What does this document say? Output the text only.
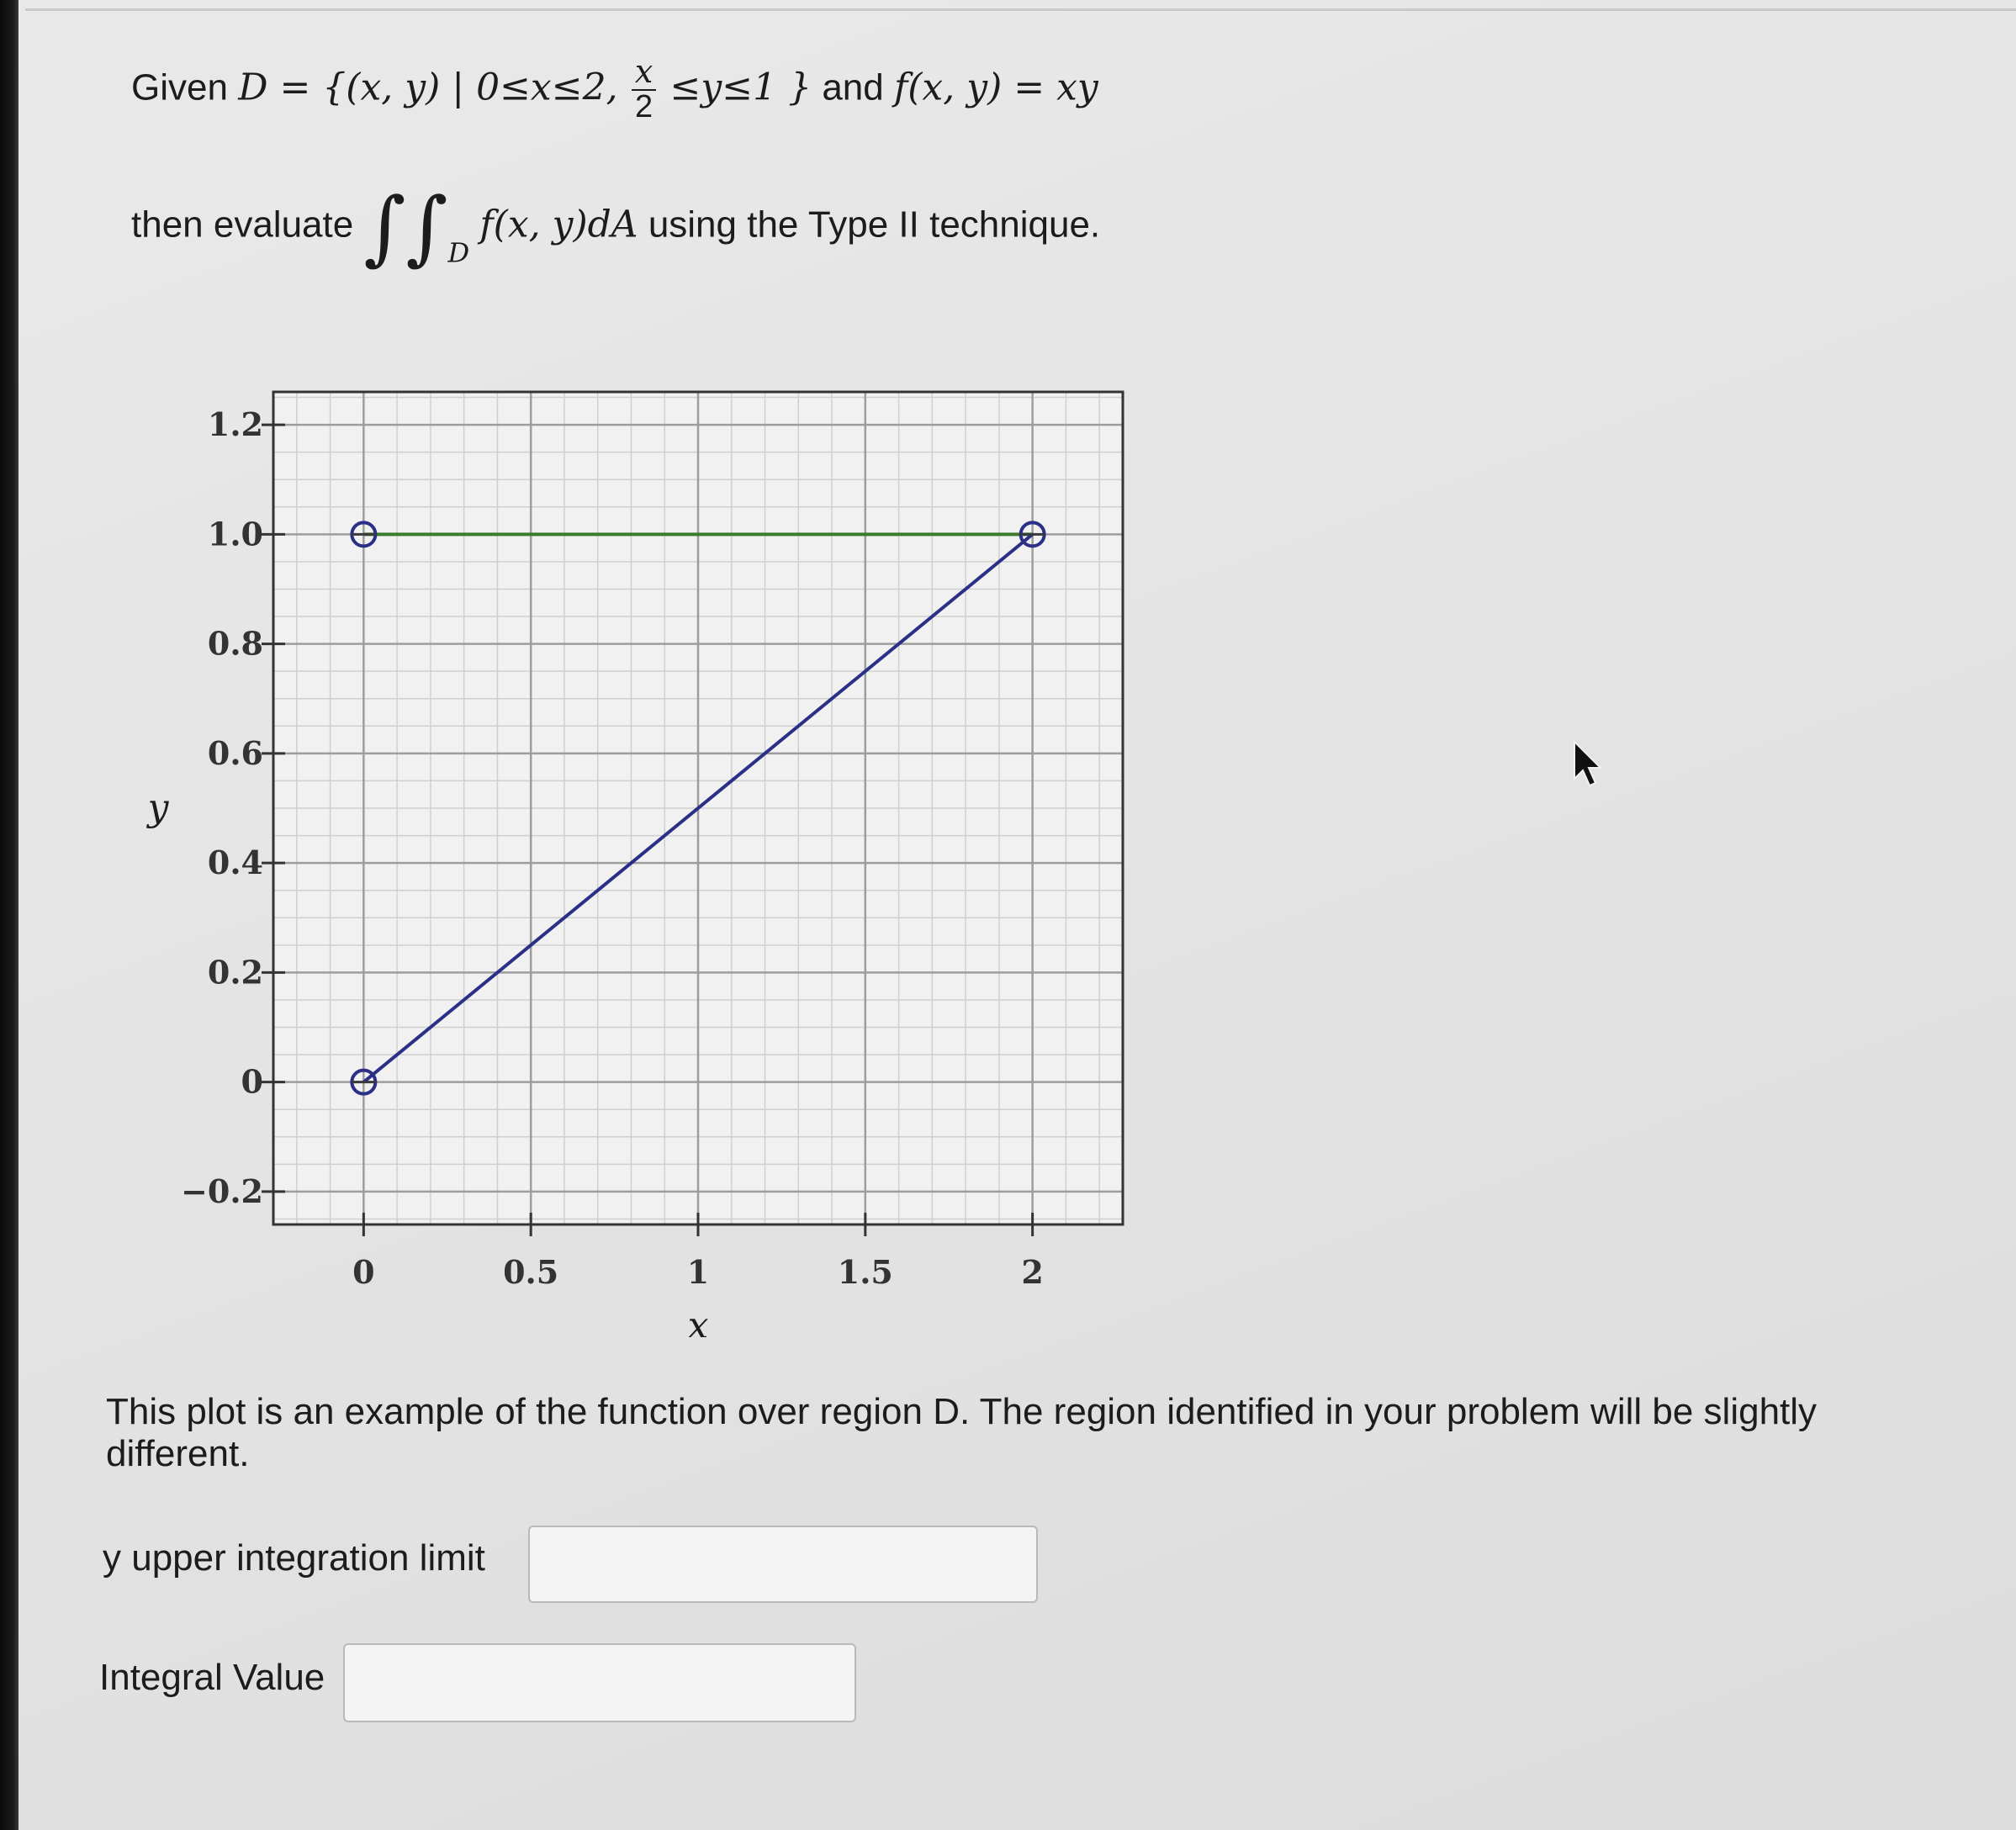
Given D = {(x, y) | 0≤x≤2, $\frac{x}{2} \le y\le 1$ } and f(x, y) = xy
then evaluate $\int\int_D$ f(x, y)dA using the Type II technique.
0	0.5	1	1.5	2
1.2
1.0
0.8
0.6
0.4
0.2
0
−0.2
x
y
This plot is an example of the function over region D. The region identified in your problem will be slightly different.
y upper integration limit
Integral Value
